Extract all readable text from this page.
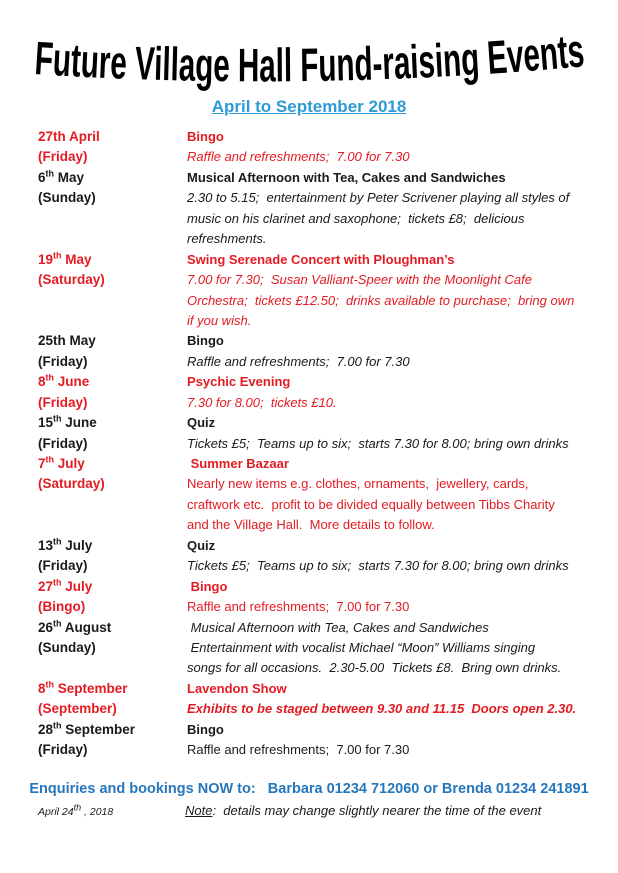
Future Village Hall Fund-raising Events
April to September 2018
27th April	Bingo
(Friday)	Raffle and refreshments;  7.00 for 7.30
6th May	Musical Afternoon with Tea, Cakes and Sandwiches
(Sunday)	2.30 to 5.15;  entertainment by Peter Scrivener playing all styles of
music on his clarinet and saxophone;  tickets £8;  delicious
refreshments.
19th May	Swing Serenade Concert with Ploughman’s
(Saturday)	7.00 for 7.30;  Susan Valliant-Speer with the Moonlight Cafe
Orchestra;  tickets £12.50;  drinks available to purchase;  bring own
if you wish.
25th May	Bingo
(Friday)	Raffle and refreshments;  7.00 for 7.30
8th June	Psychic Evening
(Friday)	7.30 for 8.00;  tickets £10.
15th June	Quiz
(Friday)	Tickets £5;  Teams up to six;  starts 7.30 for 8.00; bring own drinks
7th July	Summer Bazaar
(Saturday)	Nearly new items e.g. clothes, ornaments,  jewellery, cards,
craftwork etc.  profit to be divided equally between Tibbs Charity
and the Village Hall.  More details to follow.
13th July	Quiz
(Friday)	Tickets £5;  Teams up to six;  starts 7.30 for 8.00; bring own drinks
27th July	Bingo
(Bingo)	Raffle and refreshments;  7.00 for 7.30
26th August	Musical Afternoon with Tea, Cakes and Sandwiches
(Sunday)	Entertainment with vocalist Michael “Moon” Williams singing
songs for all occasions.  2.30-5.00  Tickets £8.  Bring own drinks.
8th September	Lavendon Show
(September)	Exhibits to be staged between 9.30 and 11.15  Doors open 2.30.
28th September	Bingo
(Friday)	Raffle and refreshments;  7.00 for 7.30
Enquiries and bookings NOW to:   Barbara 01234 712060 or Brenda 01234 241891
April 24th , 2018	Note:  details may change slightly nearer the time of the event
